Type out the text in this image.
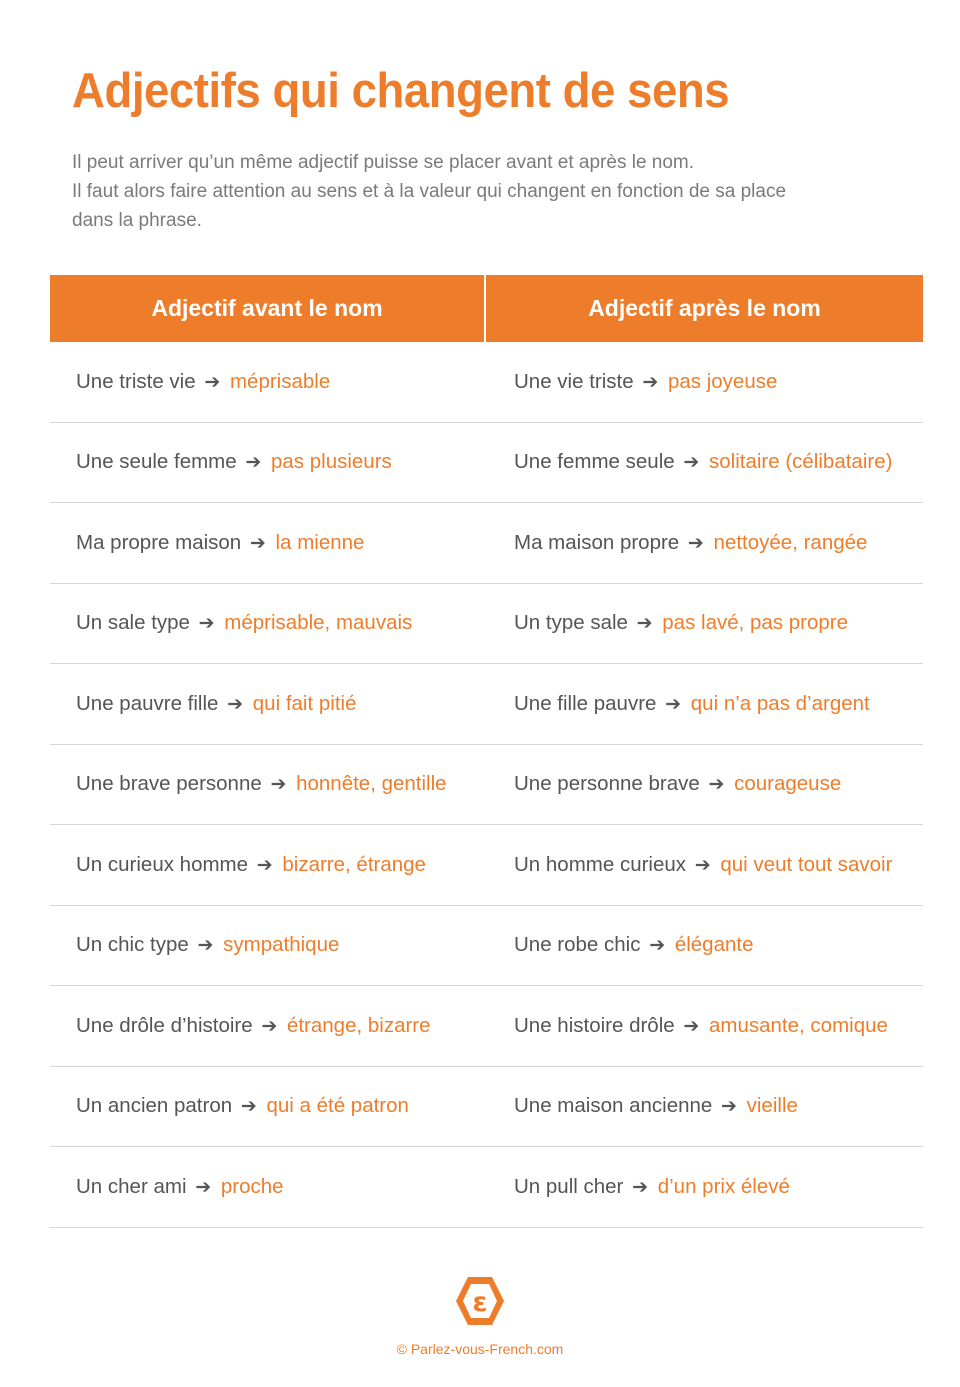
Adjectifs qui changent de sens
Il peut arriver qu’un même adjectif puisse se placer avant et après le nom.
Il faut alors faire attention au sens et à la valeur qui changent en fonction de sa place
dans la phrase.
Adjectif avant le nom	Adjectif après le nom
Une triste vie ➔ méprisable	Une vie triste ➔ pas joyeuse
Une seule femme ➔ pas plusieurs	Une femme seule ➔ solitaire (célibataire)
Ma propre maison ➔ la mienne	Ma maison propre ➔ nettoyée, rangée
Un sale type ➔ méprisable, mauvais	Un type sale ➔ pas lavé, pas propre
Une pauvre fille ➔ qui fait pitié	Une fille pauvre ➔ qui n’a pas d’argent
Une brave personne ➔ honnête, gentille	Une personne brave ➔ courageuse
Un curieux homme ➔ bizarre, étrange	Un homme curieux ➔ qui veut tout savoir
Un chic type ➔ sympathique	Une robe chic ➔ élégante
Une drôle d’histoire ➔ étrange, bizarre	Une histoire drôle ➔ amusante, comique
Un ancien patron ➔ qui a été patron	Une maison ancienne ➔ vieille
Un cher ami ➔ proche	Un pull cher ➔ d’un prix élevé
ε
© Parlez-vous-French.com
